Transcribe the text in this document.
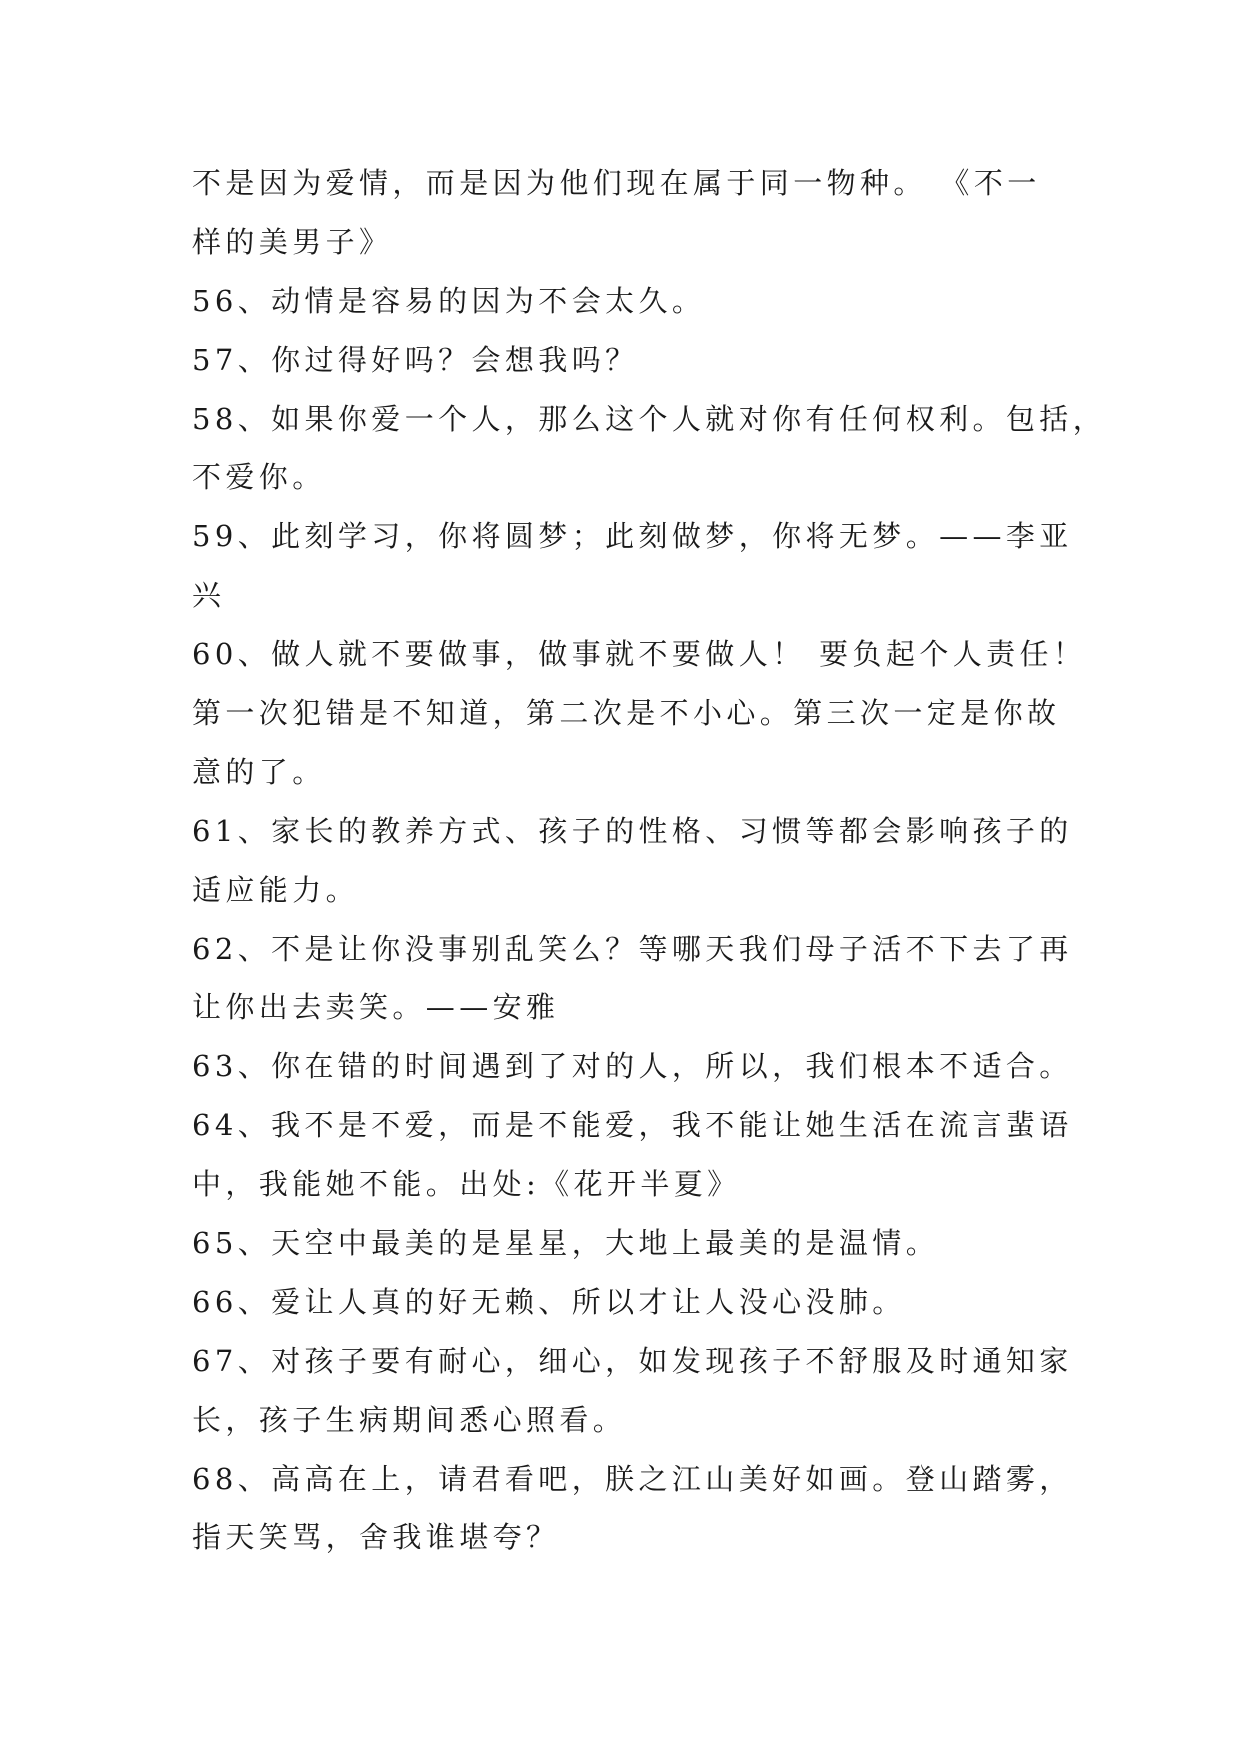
不是因为爱情，而是因为他们现在属于同一物种。 《不一
样的美男子》
56、动情是容易的因为不会太久。
57、你过得好吗？会想我吗？
58、如果你爱一个人，那么这个人就对你有任何权利。包括，
不爱你。
59、此刻学习，你将圆梦；此刻做梦，你将无梦。——李亚
兴
60、做人就不要做事，做事就不要做人！ 要负起个人责任！
第一次犯错是不知道，第二次是不小心。第三次一定是你故
意的了。
61、家长的教养方式、孩子的性格、习惯等都会影响孩子的
适应能力。
62、不是让你没事别乱笑么？等哪天我们母子活不下去了再
让你出去卖笑。——安雅
63、你在错的时间遇到了对的人，所以，我们根本不适合。
64、我不是不爱，而是不能爱，我不能让她生活在流言蜚语
中，我能她不能。出处:《花开半夏》
65、天空中最美的是星星，大地上最美的是温情。
66、爱让人真的好无赖、所以才让人没心没肺。
67、对孩子要有耐心，细心，如发现孩子不舒服及时通知家
长，孩子生病期间悉心照看。
68、高高在上，请君看吧，朕之江山美好如画。登山踏雾，
指天笑骂，舍我谁堪夸？
